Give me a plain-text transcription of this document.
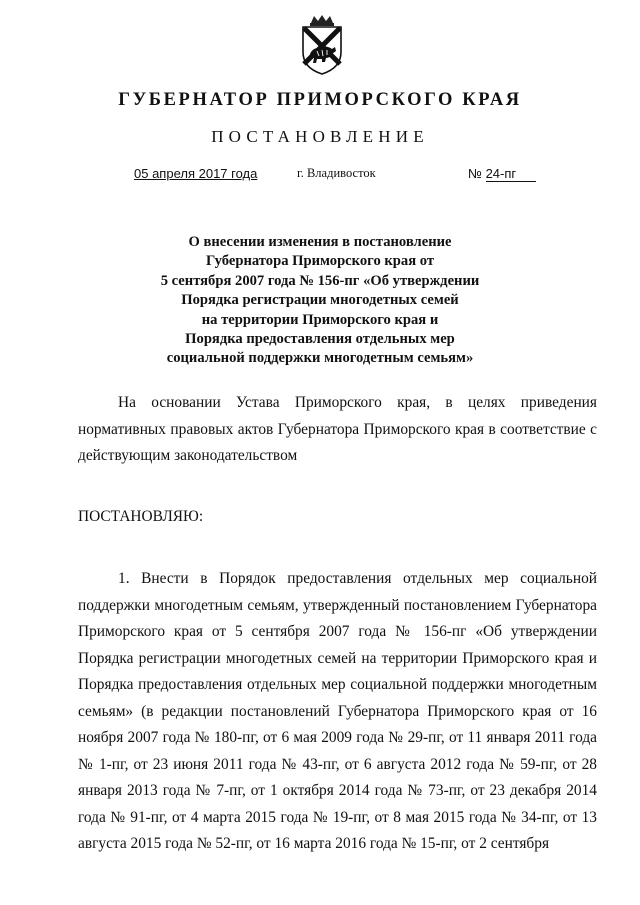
ГУБЕРНАТОР ПРИМОРСКОГО КРАЯ
ПОСТАНОВЛЕНИЕ
05 апреля 2017 года	г. Владивосток	№ 24-пг
О внесении изменения в постановление
Губернатора Приморского края от
5 сентября 2007 года № 156-пг «Об утверждении
Порядка регистрации многодетных семей
на территории Приморского края и
Порядка предоставления отдельных мер
социальной поддержки многодетным семьям»
На основании Устава Приморского края, в целях приведения нормативных правовых актов Губернатора Приморского края в соответствие с действующим законодательством
ПОСТАНОВЛЯЮ:
1. Внести в Порядок предоставления отдельных мер социальной поддержки многодетным семьям, утвержденный постановлением Губернатора Приморского края от 5 сентября 2007 года № 156-пг «Об утверждении Порядка регистрации многодетных семей на территории Приморского края и Порядка предоставления отдельных мер социальной поддержки многодетным семьям» (в редакции постановлений Губернатора Приморского края от 16 ноября 2007 года № 180-пг, от 6 мая 2009 года № 29-пг, от 11 января 2011 года № 1-пг, от 23 июня 2011 года № 43-пг, от 6 августа 2012 года № 59-пг, от 28 января 2013 года № 7-пг, от 1 октября 2014 года № 73-пг, от 23 декабря 2014 года № 91-пг, от 4 марта 2015 года № 19-пг, от 8 мая 2015 года № 34-пг, от 13 августа 2015 года № 52-пг, от 16 марта 2016 года № 15-пг, от 2 сентября
